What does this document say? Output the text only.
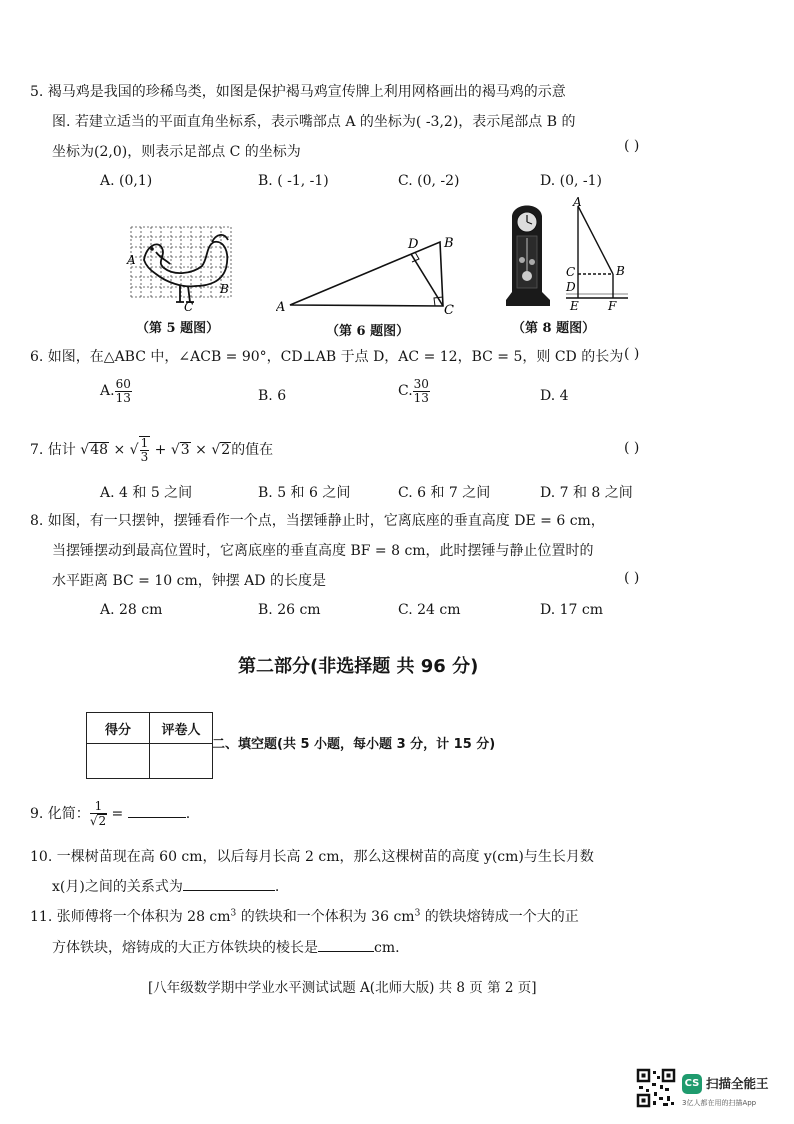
5. 褐马鸡是我国的珍稀鸟类，如图是保护褐马鸡宣传牌上利用网格画出的褐马鸡的示意
图. 若建立适当的平面直角坐标系，表示嘴部点 A 的坐标为( -3,2)，表示尾部点 B 的
坐标为(2,0)，则表示足部点 C 的坐标为	( )
A. (0,1)	B. ( -1, -1)	C. (0, -2)	D. (0, -1)
A
B
C
（第 5 题图）
A
B
C
D
（第 6 题图）
A
B
C
D
E F
（第 8 题图）
6. 如图，在△ABC 中，∠ACB = 90°，CD⊥AB 于点 D，AC = 12，BC = 5，则 CD 的长为 ( )
A. $\frac{60}{13}$	B. 6	C. $\frac{30}{13}$	D. 4
7. 估计 √48 × √ $\frac{1}{3} + √3 \times √2$的值在	( )
A. 4 和 5 之间	B. 5 和 6 之间	C. 6 和 7 之间	D. 7 和 8 之间
8. 如图，有一只摆钟，摆锤看作一个点，当摆锤静止时，它离底座的垂直高度 DE = 6 cm，
当摆锤摆动到最高位置时，它离底座的垂直高度 BF = 8 cm，此时摆锤与静止位置时的
水平距离 BC = 10 cm，钟摆 AD 的长度是	( )
A. 28 cm	B. 26 cm	C. 24 cm	D. 17 cm
第二部分(非选择题 共 96 分)
得分	评卷人

二、填空题(共 5 小题，每小题 3 分，计 15 分)
9. 化简： $\frac{1}{√2}$ =	.
10. 一棵树苗现在高 60 cm，以后每月长高 2 cm，那么这棵树苗的高度 y(cm)与生长月数
x(月)之间的关系式为	.
11. 张师傅将一个体积为 28 $cm^3$ 的铁块和一个体积为 36 $cm^3$ 的铁块熔铸成一个大的正
方体铁块，熔铸成的大正方体铁块的棱长是	cm.
[八年级数学期中学业水平测试试题 A(北师大版) 共 8 页 第 2 页]
CS 扫描全能王
3亿人都在用的扫描App
